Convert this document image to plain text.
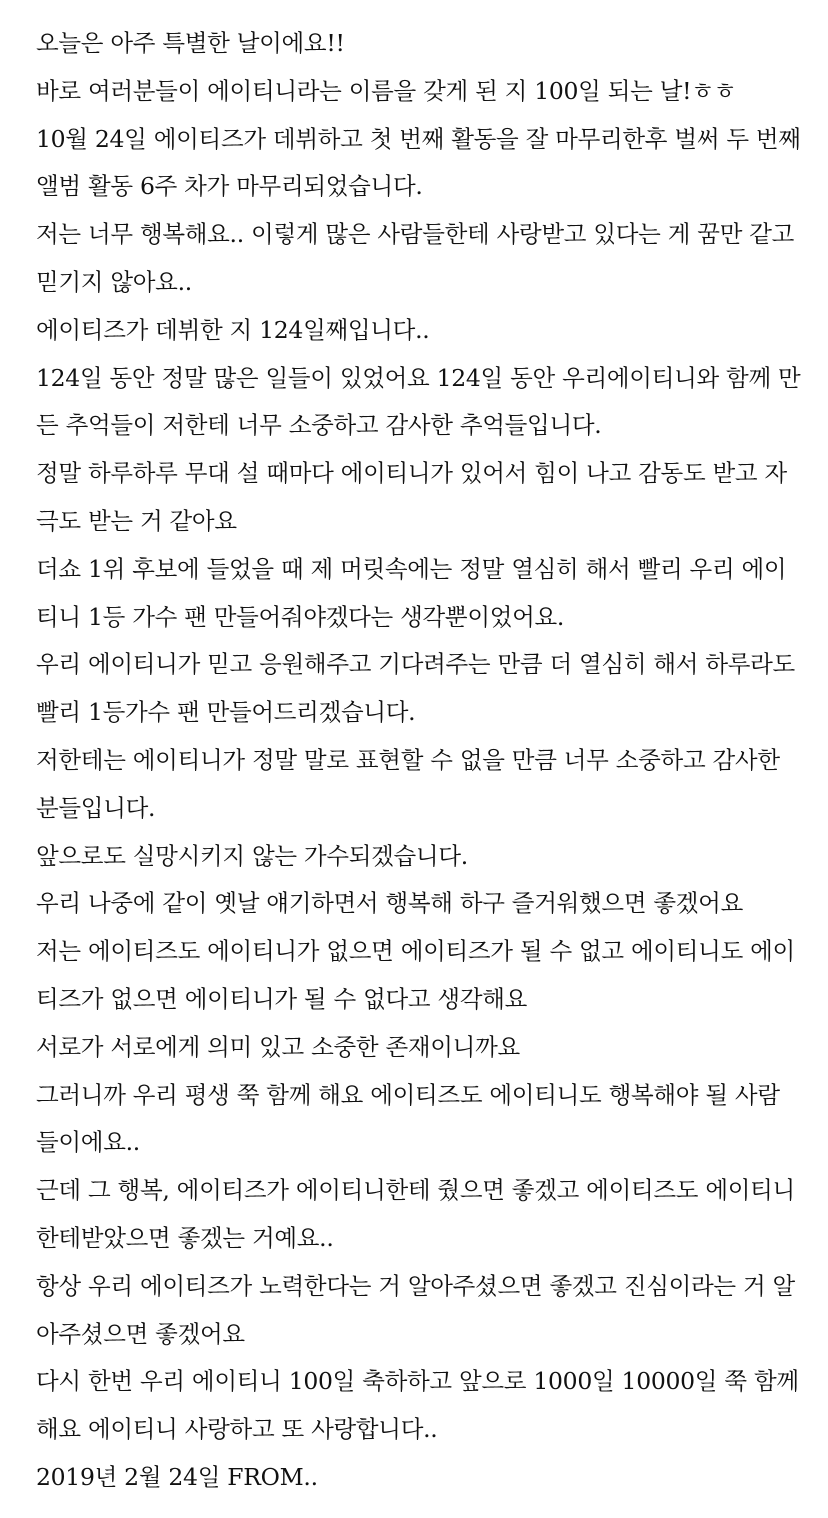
오늘은 아주 특별한 날이에요!!
바로 여러분들이 에이티니라는 이름을 갖게 된 지 100일 되는 날!ㅎㅎ
10월 24일 에이티즈가 데뷔하고 첫 번째 활동을 잘 마무리한후 벌써 두 번째
앨범 활동 6주 차가 마무리되었습니다.
저는 너무 행복해요.. 이렇게 많은 사람들한테 사랑받고 있다는 게 꿈만 같고
믿기지 않아요..
에이티즈가 데뷔한 지 124일째입니다..
124일 동안 정말 많은 일들이 있었어요 124일 동안 우리에이티니와 함께 만
든 추억들이 저한테 너무 소중하고 감사한 추억들입니다.
정말 하루하루 무대 설 때마다 에이티니가 있어서 힘이 나고 감동도 받고 자
극도 받는 거 같아요
더쇼 1위 후보에 들었을 때 제 머릿속에는 정말 열심히 해서 빨리 우리 에이
티니 1등 가수 팬 만들어줘야겠다는 생각뿐이었어요.
우리 에이티니가 믿고 응원해주고 기다려주는 만큼 더 열심히 해서 하루라도
빨리 1등가수 팬 만들어드리겠습니다.
저한테는 에이티니가 정말 말로 표현할 수 없을 만큼 너무 소중하고 감사한
분들입니다.
앞으로도 실망시키지 않는 가수되겠습니다.
우리 나중에 같이 옛날 얘기하면서 행복해 하구 즐거워했으면 좋겠어요
저는 에이티즈도 에이티니가 없으면 에이티즈가 될 수 없고 에이티니도 에이
티즈가 없으면 에이티니가 될 수 없다고 생각해요
서로가 서로에게 의미 있고 소중한 존재이니까요
그러니까 우리 평생 쭉 함께 해요 에이티즈도 에이티니도 행복해야 될 사람
들이에요..
근데 그 행복, 에이티즈가 에이티니한테 줬으면 좋겠고 에이티즈도 에이티니
한테받았으면 좋겠는 거예요..
항상 우리 에이티즈가 노력한다는 거 알아주셨으면 좋겠고 진심이라는 거 알
아주셨으면 좋겠어요
다시 한번 우리 에이티니 100일 축하하고 앞으로 1000일 10000일 쭉 함께
해요 에이티니 사랑하고 또 사랑합니다..
2019년 2월 24일 FROM..
